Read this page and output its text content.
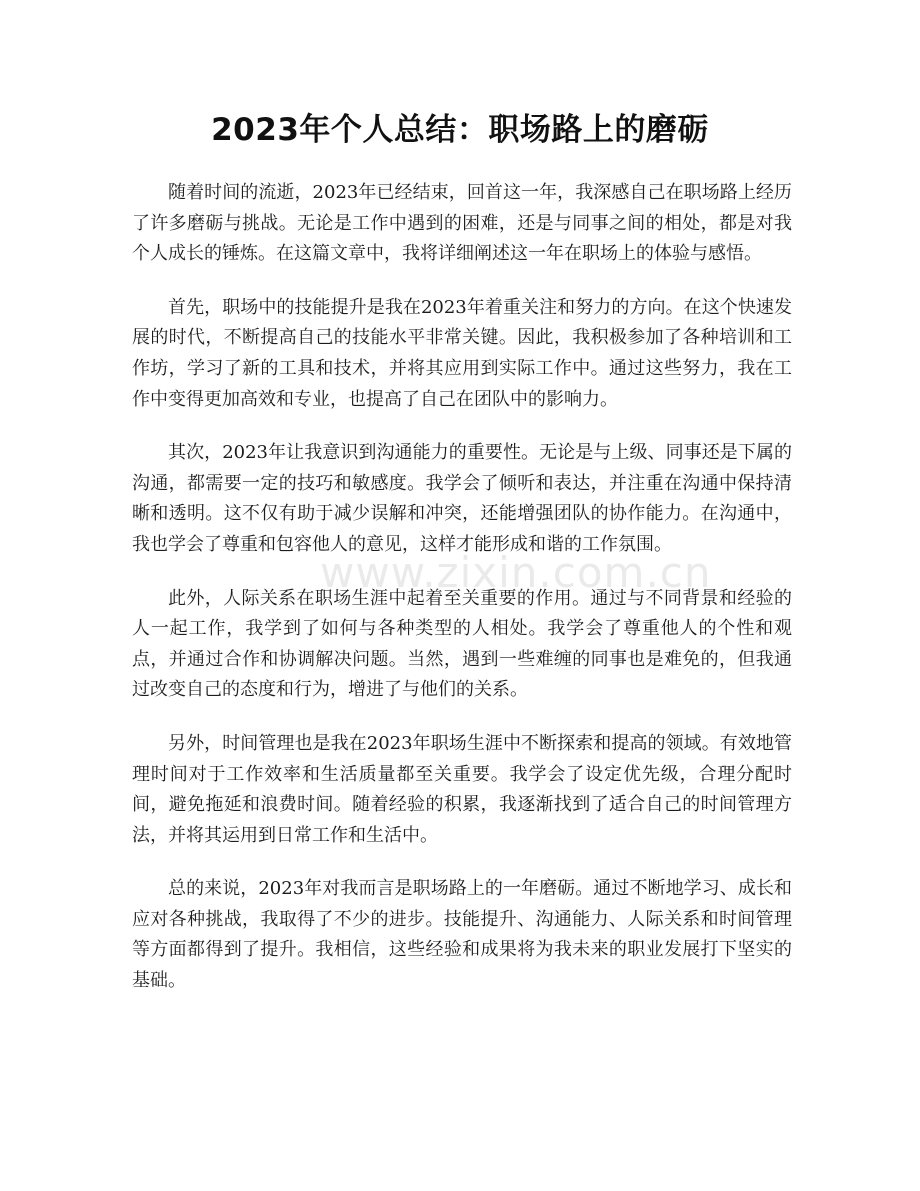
2023年个人总结：职场路上的磨砺

随着时间的流逝，2023年已经结束，回首这一年，我深感自己在职场路上经历了许多磨砺与挑战。无论是工作中遇到的困难，还是与同事之间的相处，都是对我个人成长的锤炼。在这篇文章中，我将详细阐述这一年在职场上的体验与感悟。

首先，职场中的技能提升是我在2023年着重关注和努力的方向。在这个快速发展的时代，不断提高自己的技能水平非常关键。因此，我积极参加了各种培训和工作坊，学习了新的工具和技术，并将其应用到实际工作中。通过这些努力，我在工作中变得更加高效和专业，也提高了自己在团队中的影响力。

其次，2023年让我意识到沟通能力的重要性。无论是与上级、同事还是下属的沟通，都需要一定的技巧和敏感度。我学会了倾听和表达，并注重在沟通中保持清晰和透明。这不仅有助于减少误解和冲突，还能增强团队的协作能力。在沟通中，我也学会了尊重和包容他人的意见，这样才能形成和谐的工作氛围。

此外，人际关系在职场生涯中起着至关重要的作用。通过与不同背景和经验的人一起工作，我学到了如何与各种类型的人相处。我学会了尊重他人的个性和观点，并通过合作和协调解决问题。当然，遇到一些难缠的同事也是难免的，但我通过改变自己的态度和行为，增进了与他们的关系。

另外，时间管理也是我在2023年职场生涯中不断探索和提高的领域。有效地管理时间对于工作效率和生活质量都至关重要。我学会了设定优先级，合理分配时间，避免拖延和浪费时间。随着经验的积累，我逐渐找到了适合自己的时间管理方法，并将其运用到日常工作和生活中。

总的来说，2023年对我而言是职场路上的一年磨砺。通过不断地学习、成长和应对各种挑战，我取得了不少的进步。技能提升、沟通能力、人际关系和时间管理等方面都得到了提升。我相信，这些经验和成果将为我未来的职业发展打下坚实的基础。

www.zixin.com.cn
